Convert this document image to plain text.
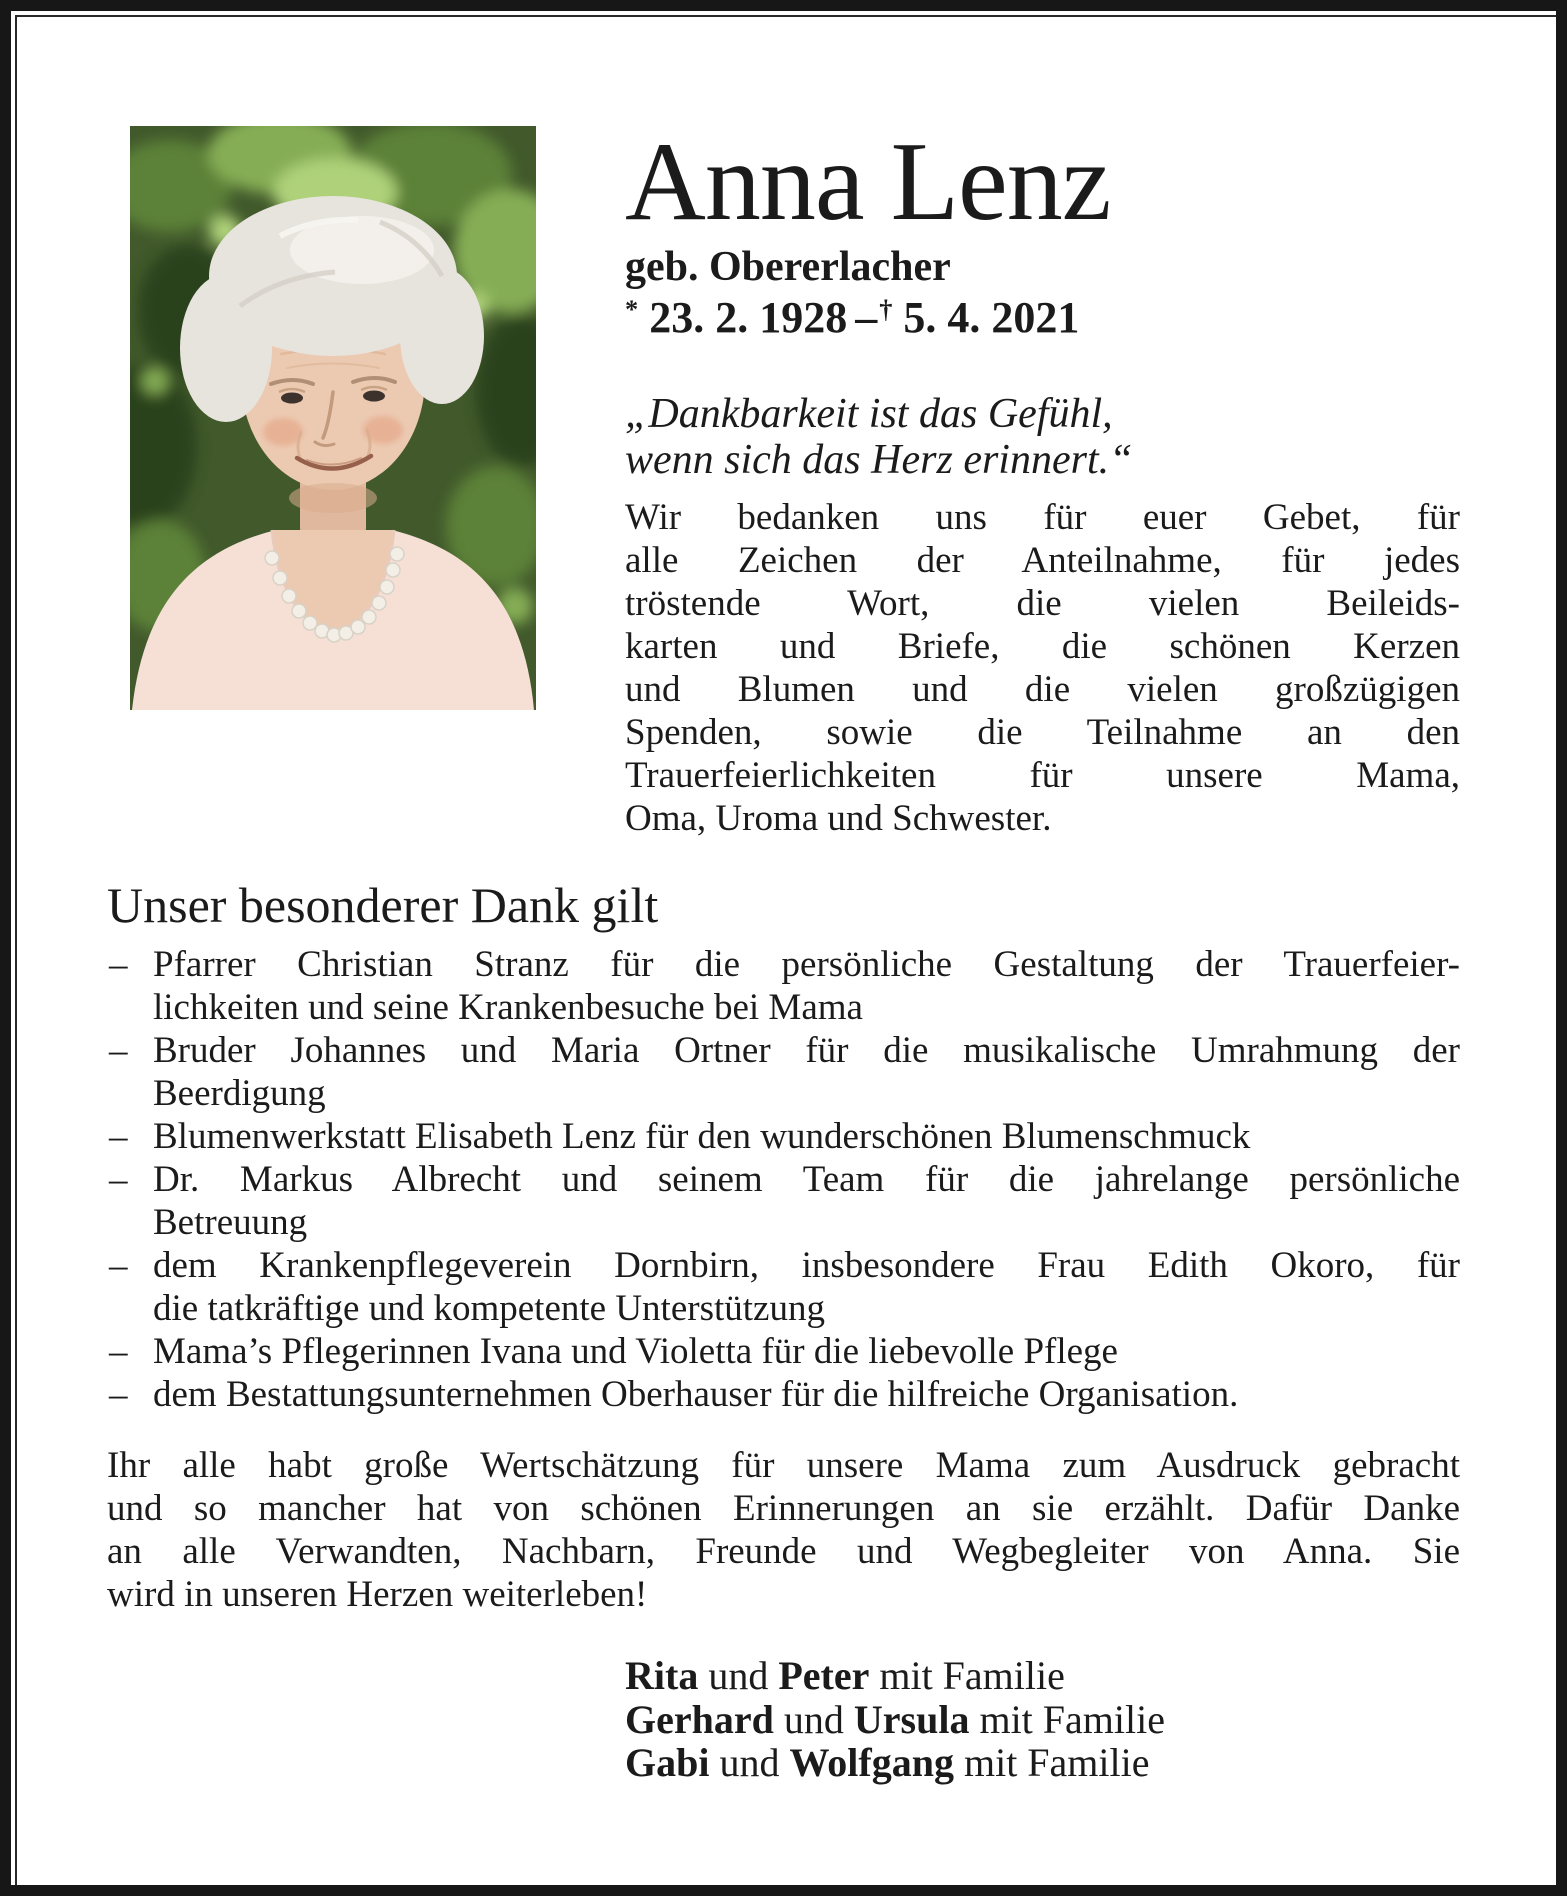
Anna Lenz
geb. Obererlacher
* 23. 2. 1928 –† 5. 4. 2021
„Dankbarkeit ist das Gefühl,
wenn sich das Herz erinnert.“
Wir bedanken uns für euer Gebet, für
alle Zeichen der Anteilnahme, für jedes
tröstende Wort, die vielen Beileids-
karten und Briefe, die schönen Kerzen
und Blumen und die vielen großzügigen
Spenden, sowie die Teilnahme an den
Trauerfeierlichkeiten für unsere Mama,
Oma, Uroma und Schwester.
Unser besonderer Dank gilt
– Pfarrer Christian Stranz für die persönliche Gestaltung der Trauerfeier-
lichkeiten und seine Krankenbesuche bei Mama
– Bruder Johannes und Maria Ortner für die musikalische Umrahmung der
Beerdigung
– Blumenwerkstatt Elisabeth Lenz für den wunderschönen Blumenschmuck
– Dr. Markus Albrecht und seinem Team für die jahrelange persönliche
Betreuung
– dem Krankenpflegeverein Dornbirn, insbesondere Frau Edith Okoro, für
die tatkräftige und kompetente Unterstützung
– Mama’s Pflegerinnen Ivana und Violetta für die liebevolle Pflege
– dem Bestattungsunternehmen Oberhauser für die hilfreiche Organisation.
Ihr alle habt große Wertschätzung für unsere Mama zum Ausdruck gebracht
und so mancher hat von schönen Erinnerungen an sie erzählt. Dafür Danke
an alle Verwandten, Nachbarn, Freunde und Wegbegleiter von Anna. Sie
wird in unseren Herzen weiterleben!
Rita und Peter mit Familie
Gerhard und Ursula mit Familie
Gabi und Wolfgang mit Familie
